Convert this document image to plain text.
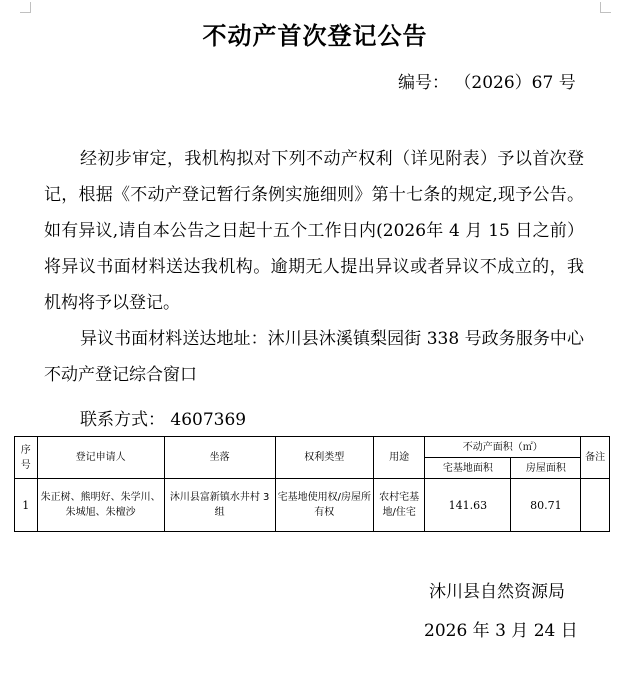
不动产首次登记公告
编号： （2026）67 号

经初步审定，我机构拟对下列不动产权利（详见附表）予以首次登记，根据《不动产登记暂行条例实施细则》第十七条的规定,现予公告。如有异议,请自本公告之日起十五个工作日内(2026年 4 月 15 日之前）将异议书面材料送达我机构。逾期无人提出异议或者异议不成立的，我机构将予以登记。

异议书面材料送达地址：沐川县沐溪镇梨园街 338 号政务服务中心不动产登记综合窗口

联系方式： 4607369
序号	登记申请人	坐落	权利类型	用途	不动产面积（㎡）		备注
					宅基地面积	房屋面积	
1	朱正树、熊明好、朱学川、朱城旭、朱檀沙	沐川县富新镇水井村 3 组	宅基地使用权/房屋所有权	农村宅基地/住宅	141.63	80.71	
沐川县自然资源局
2026 年 3 月 24 日
